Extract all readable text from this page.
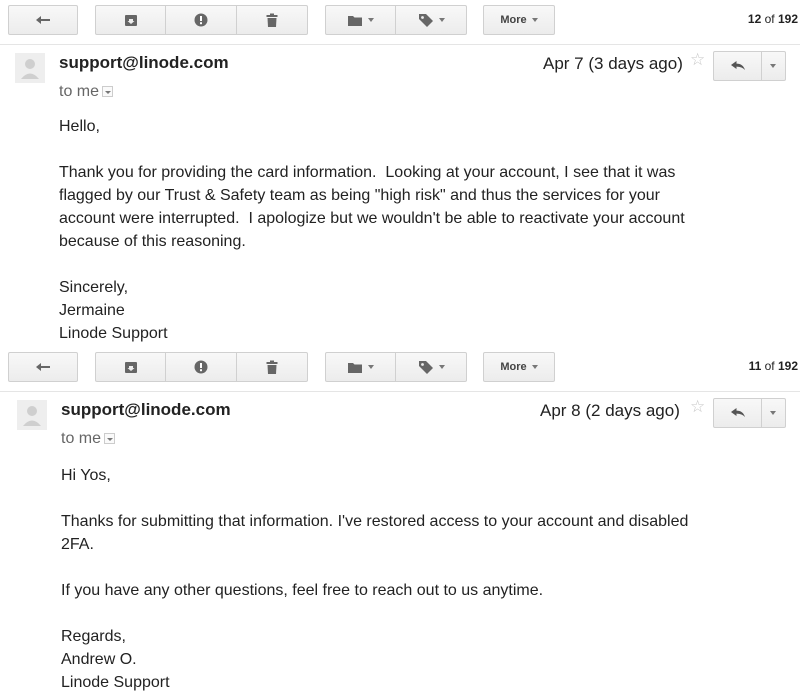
More	12 of 192
support@linode.com	Apr 7 (3 days ago) ☆
to me

Hello,

Thank you for providing the card information.  Looking at your account, I see that it was

flagged by our Trust & Safety team as being "high risk" and thus the services for your

account were interrupted.  I apologize but we wouldn't be able to reactivate your account

because of this reasoning.

Sincerely,

Jermaine

Linode Support

More	11 of 192
support@linode.com	Apr 8 (2 days ago) ☆
to me

Hi Yos,

Thanks for submitting that information. I've restored access to your account and disabled

2FA.

If you have any other questions, feel free to reach out to us anytime.

Regards,

Andrew O.

Linode Support
